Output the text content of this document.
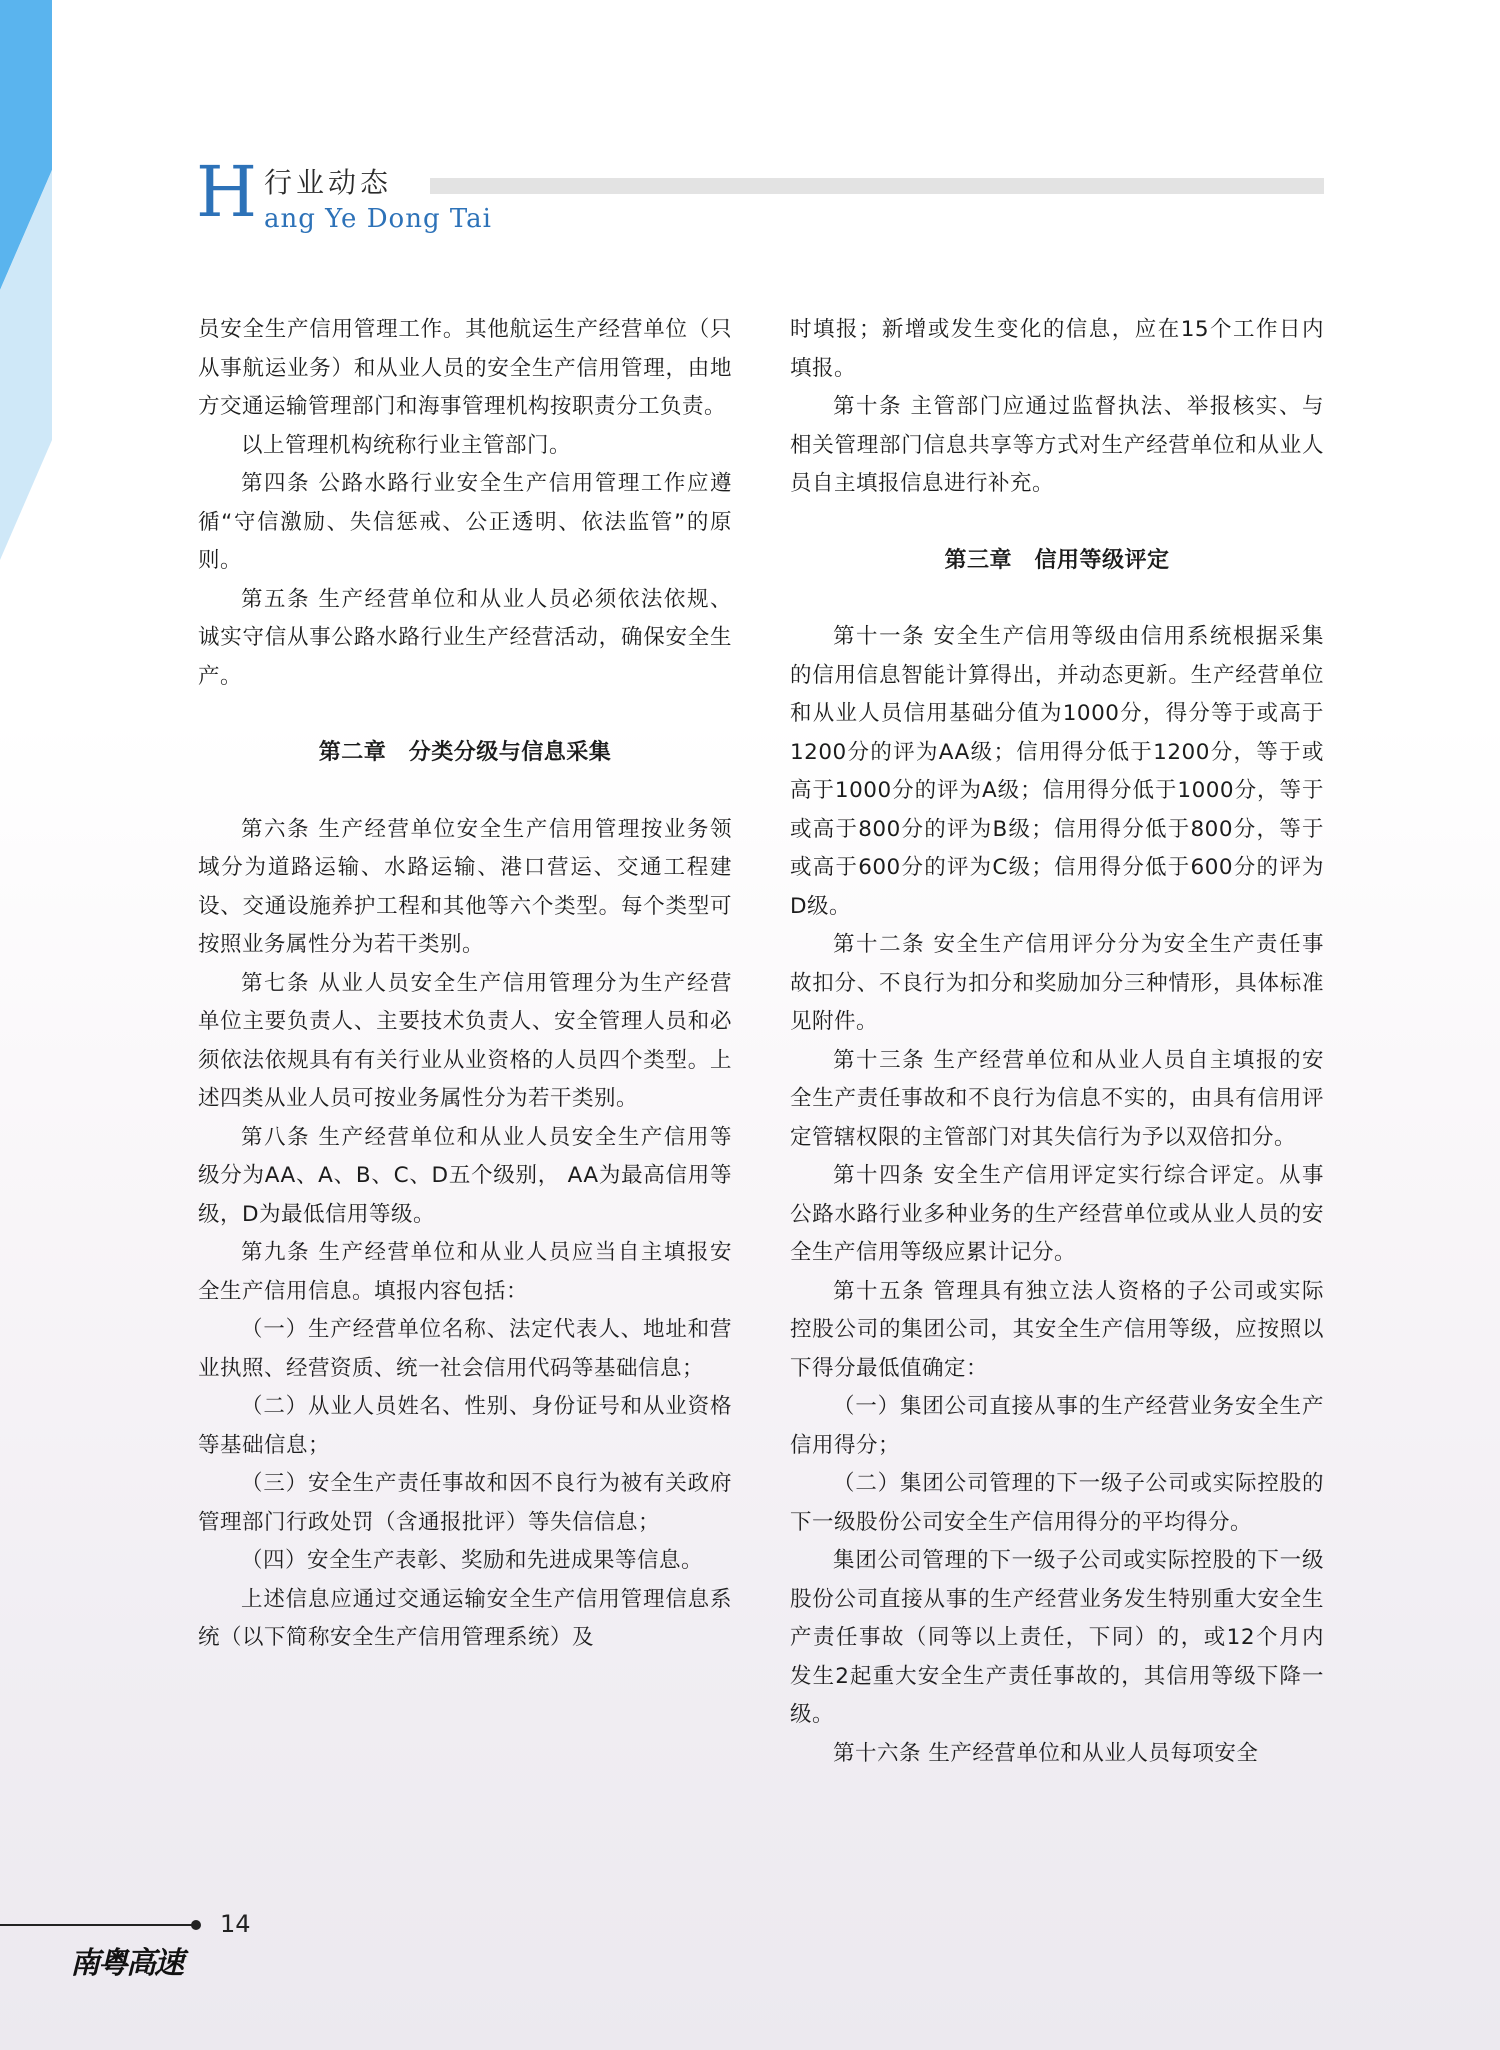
H 行业动态
ang Ye Dong Tai

员安全生产信用管理工作。其他航运生产经营单位（只从事航运业务）和从业人员的安全生产信用管理，由地方交通运输管理部门和海事管理机构按职责分工负责。

以上管理机构统称行业主管部门。

第四条 公路水路行业安全生产信用管理工作应遵循“守信激励、失信惩戒、公正透明、依法监管”的原则。

第五条 生产经营单位和从业人员必须依法依规、诚实守信从事公路水路行业生产经营活动，确保安全生产。

第二章　分类分级与信息采集

第六条 生产经营单位安全生产信用管理按业务领域分为道路运输、水路运输、港口营运、交通工程建设、交通设施养护工程和其他等六个类型。每个类型可按照业务属性分为若干类别。

第七条 从业人员安全生产信用管理分为生产经营单位主要负责人、主要技术负责人、安全管理人员和必须依法依规具有有关行业从业资格的人员四个类型。上述四类从业人员可按业务属性分为若干类别。

第八条 生产经营单位和从业人员安全生产信用等级分为AA、A、B、C、D五个级别， AA为最高信用等级，D为最低信用等级。

第九条 生产经营单位和从业人员应当自主填报安全生产信用信息。填报内容包括：

（一）生产经营单位名称、法定代表人、地址和营业执照、经营资质、统一社会信用代码等基础信息；

（二）从业人员姓名、性别、身份证号和从业资格等基础信息；

（三）安全生产责任事故和因不良行为被有关政府管理部门行政处罚（含通报批评）等失信信息；

（四）安全生产表彰、奖励和先进成果等信息。

上述信息应通过交通运输安全生产信用管理信息系统（以下简称安全生产信用管理系统）及

时填报；新增或发生变化的信息，应在15个工作日内填报。

第十条 主管部门应通过监督执法、举报核实、与相关管理部门信息共享等方式对生产经营单位和从业人员自主填报信息进行补充。

第三章　信用等级评定

第十一条 安全生产信用等级由信用系统根据采集的信用信息智能计算得出，并动态更新。生产经营单位和从业人员信用基础分值为1000分，得分等于或高于1200分的评为AA级；信用得分低于1200分，等于或高于1000分的评为A级；信用得分低于1000分，等于或高于800分的评为B级；信用得分低于800分，等于或高于600分的评为C级；信用得分低于600分的评为D级。

第十二条 安全生产信用评分分为安全生产责任事故扣分、不良行为扣分和奖励加分三种情形，具体标准见附件。

第十三条 生产经营单位和从业人员自主填报的安全生产责任事故和不良行为信息不实的，由具有信用评定管辖权限的主管部门对其失信行为予以双倍扣分。

第十四条 安全生产信用评定实行综合评定。从事公路水路行业多种业务的生产经营单位或从业人员的安全生产信用等级应累计记分。

第十五条 管理具有独立法人资格的子公司或实际控股公司的集团公司，其安全生产信用等级，应按照以下得分最低值确定：

（一）集团公司直接从事的生产经营业务安全生产信用得分；

（二）集团公司管理的下一级子公司或实际控股的下一级股份公司安全生产信用得分的平均得分。

集团公司管理的下一级子公司或实际控股的下一级股份公司直接从事的生产经营业务发生特别重大安全生产责任事故（同等以上责任，下同）的，或12个月内发生2起重大安全生产责任事故的，其信用等级下降一级。

第十六条 生产经营单位和从业人员每项安全

14
南粤高速
